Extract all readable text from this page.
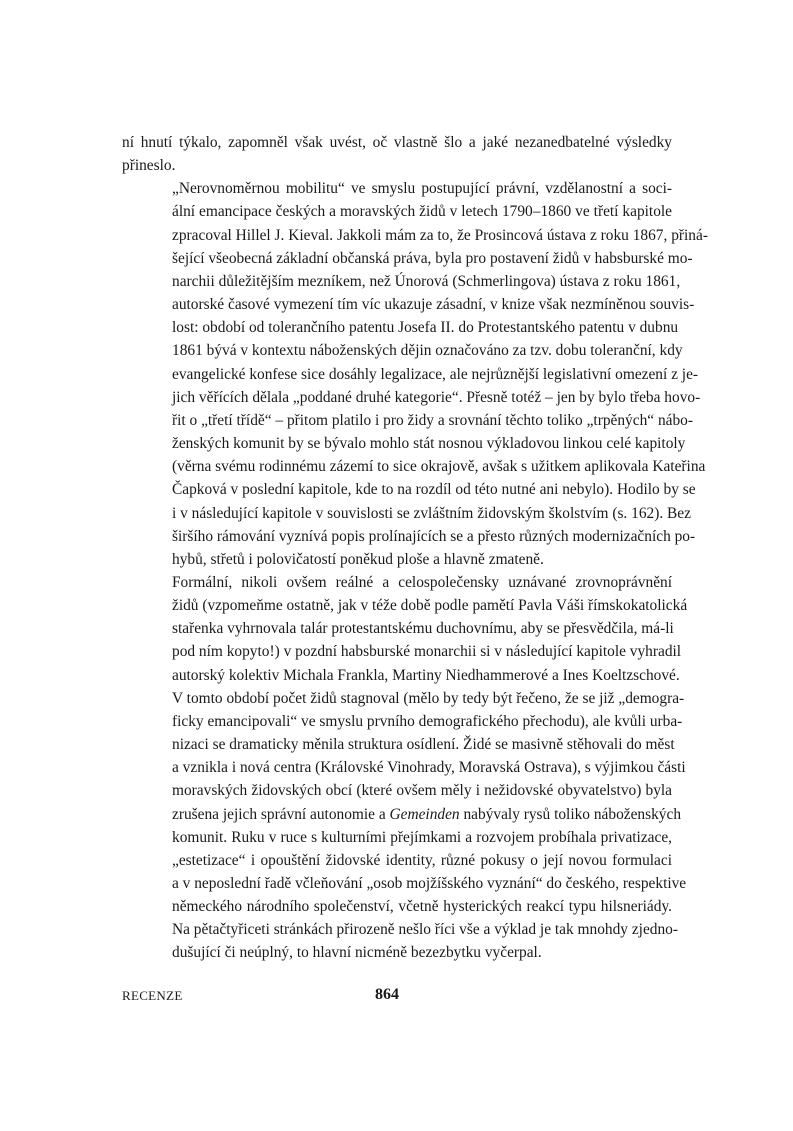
ní hnutí týkalo, zapomněl však uvést, oč vlastně šlo a jaké nezanedbatelné výsledky
přineslo.

„Nerovnoměrnou mobilitu“ ve smyslu postupující právní, vzdělanostní a soci-
ální emancipace českých a moravských židů v letech 1790–1860 ve třetí kapitole
zpracoval Hillel J. Kieval. Jakkoli mám za to, že Prosincová ústava z roku 1867, přiná-
šející všeobecná základní občanská práva, byla pro postavení židů v habsburské mo-
narchii důležitějším mezníkem, než Únorová (Schmerlingova) ústava z roku 1861,
autorské časové vymezení tím víc ukazuje zásadní, v knize však nezmíněnou souvis-
lost: období od tolerančního patentu Josefa II. do Protestantského patentu v dubnu
1861 bývá v kontextu náboženských dějin označováno za tzv. dobu toleranční, kdy
evangelické konfese sice dosáhly legalizace, ale nejrůznější legislativní omezení z je-
jich věřících dělala „poddané druhé kategorie“. Přesně totéž – jen by bylo třeba hovo-
řit o „třetí třídě“ – přitom platilo i pro židy a srovnání těchto toliko „trpěných“ nábo-
ženských komunit by se bývalo mohlo stát nosnou výkladovou linkou celé kapitoly
(věrna svému rodinnému zázemí to sice okrajově, avšak s užitkem aplikovala Kateřina
Čapková v poslední kapitole, kde to na rozdíl od této nutné ani nebylo). Hodilo by se
i v následující kapitole v souvislosti se zvláštním židovským školstvím (s. 162). Bez
širšího rámování vyznívá popis prolínajících se a přesto různých modernizačních po-
hybů, střetů i polovičatostí poněkud ploše a hlavně zmateně.

Formální, nikoli ovšem reálné a celospolečensky uznávané zrovnoprávnění
židů (vzpomeňme ostatně, jak v téže době podle pamětí Pavla Váši římskokatolická
stařenka vyhrnovala talár protestantskému duchovnímu, aby se přesvědčila, má-li
pod ním kopyto!) v pozdní habsburské monarchii si v následující kapitole vyhradil
autorský kolektiv Michala Frankla, Martiny Niedhammerové a Ines Koeltzschové.
V tomto období počet židů stagnoval (mělo by tedy být řečeno, že se již „demogra-
ficky emancipovali“ ve smyslu prvního demografického přechodu), ale kvůli urba-
nizaci se dramaticky měnila struktura osídlení. Židé se masivně stěhovali do měst
a vznikla i nová centra (Královské Vinohrady, Moravská Ostrava), s výjimkou části
moravských židovských obcí (které ovšem měly i nežidovské obyvatelstvo) byla
zrušena jejich správní autonomie a Gemeinden nabývaly rysů toliko náboženských
komunit. Ruku v ruce s kulturními přejímkami a rozvojem probíhala privatizace,
„estetizace“ i opouštění židovské identity, různé pokusy o její novou formulaci
a v neposlední řadě včleňování „osob mojžíšského vyznání“ do českého, respektive
německého národního společenství, včetně hysterických reakcí typu hilsneriády.
Na pětačtyřiceti stránkách přirozeně nešlo říci vše a výklad je tak mnohdy zjedno-
dušující či neúplný, to hlavní nicméně bezezbytku vyčerpal.

RECENZE	864
